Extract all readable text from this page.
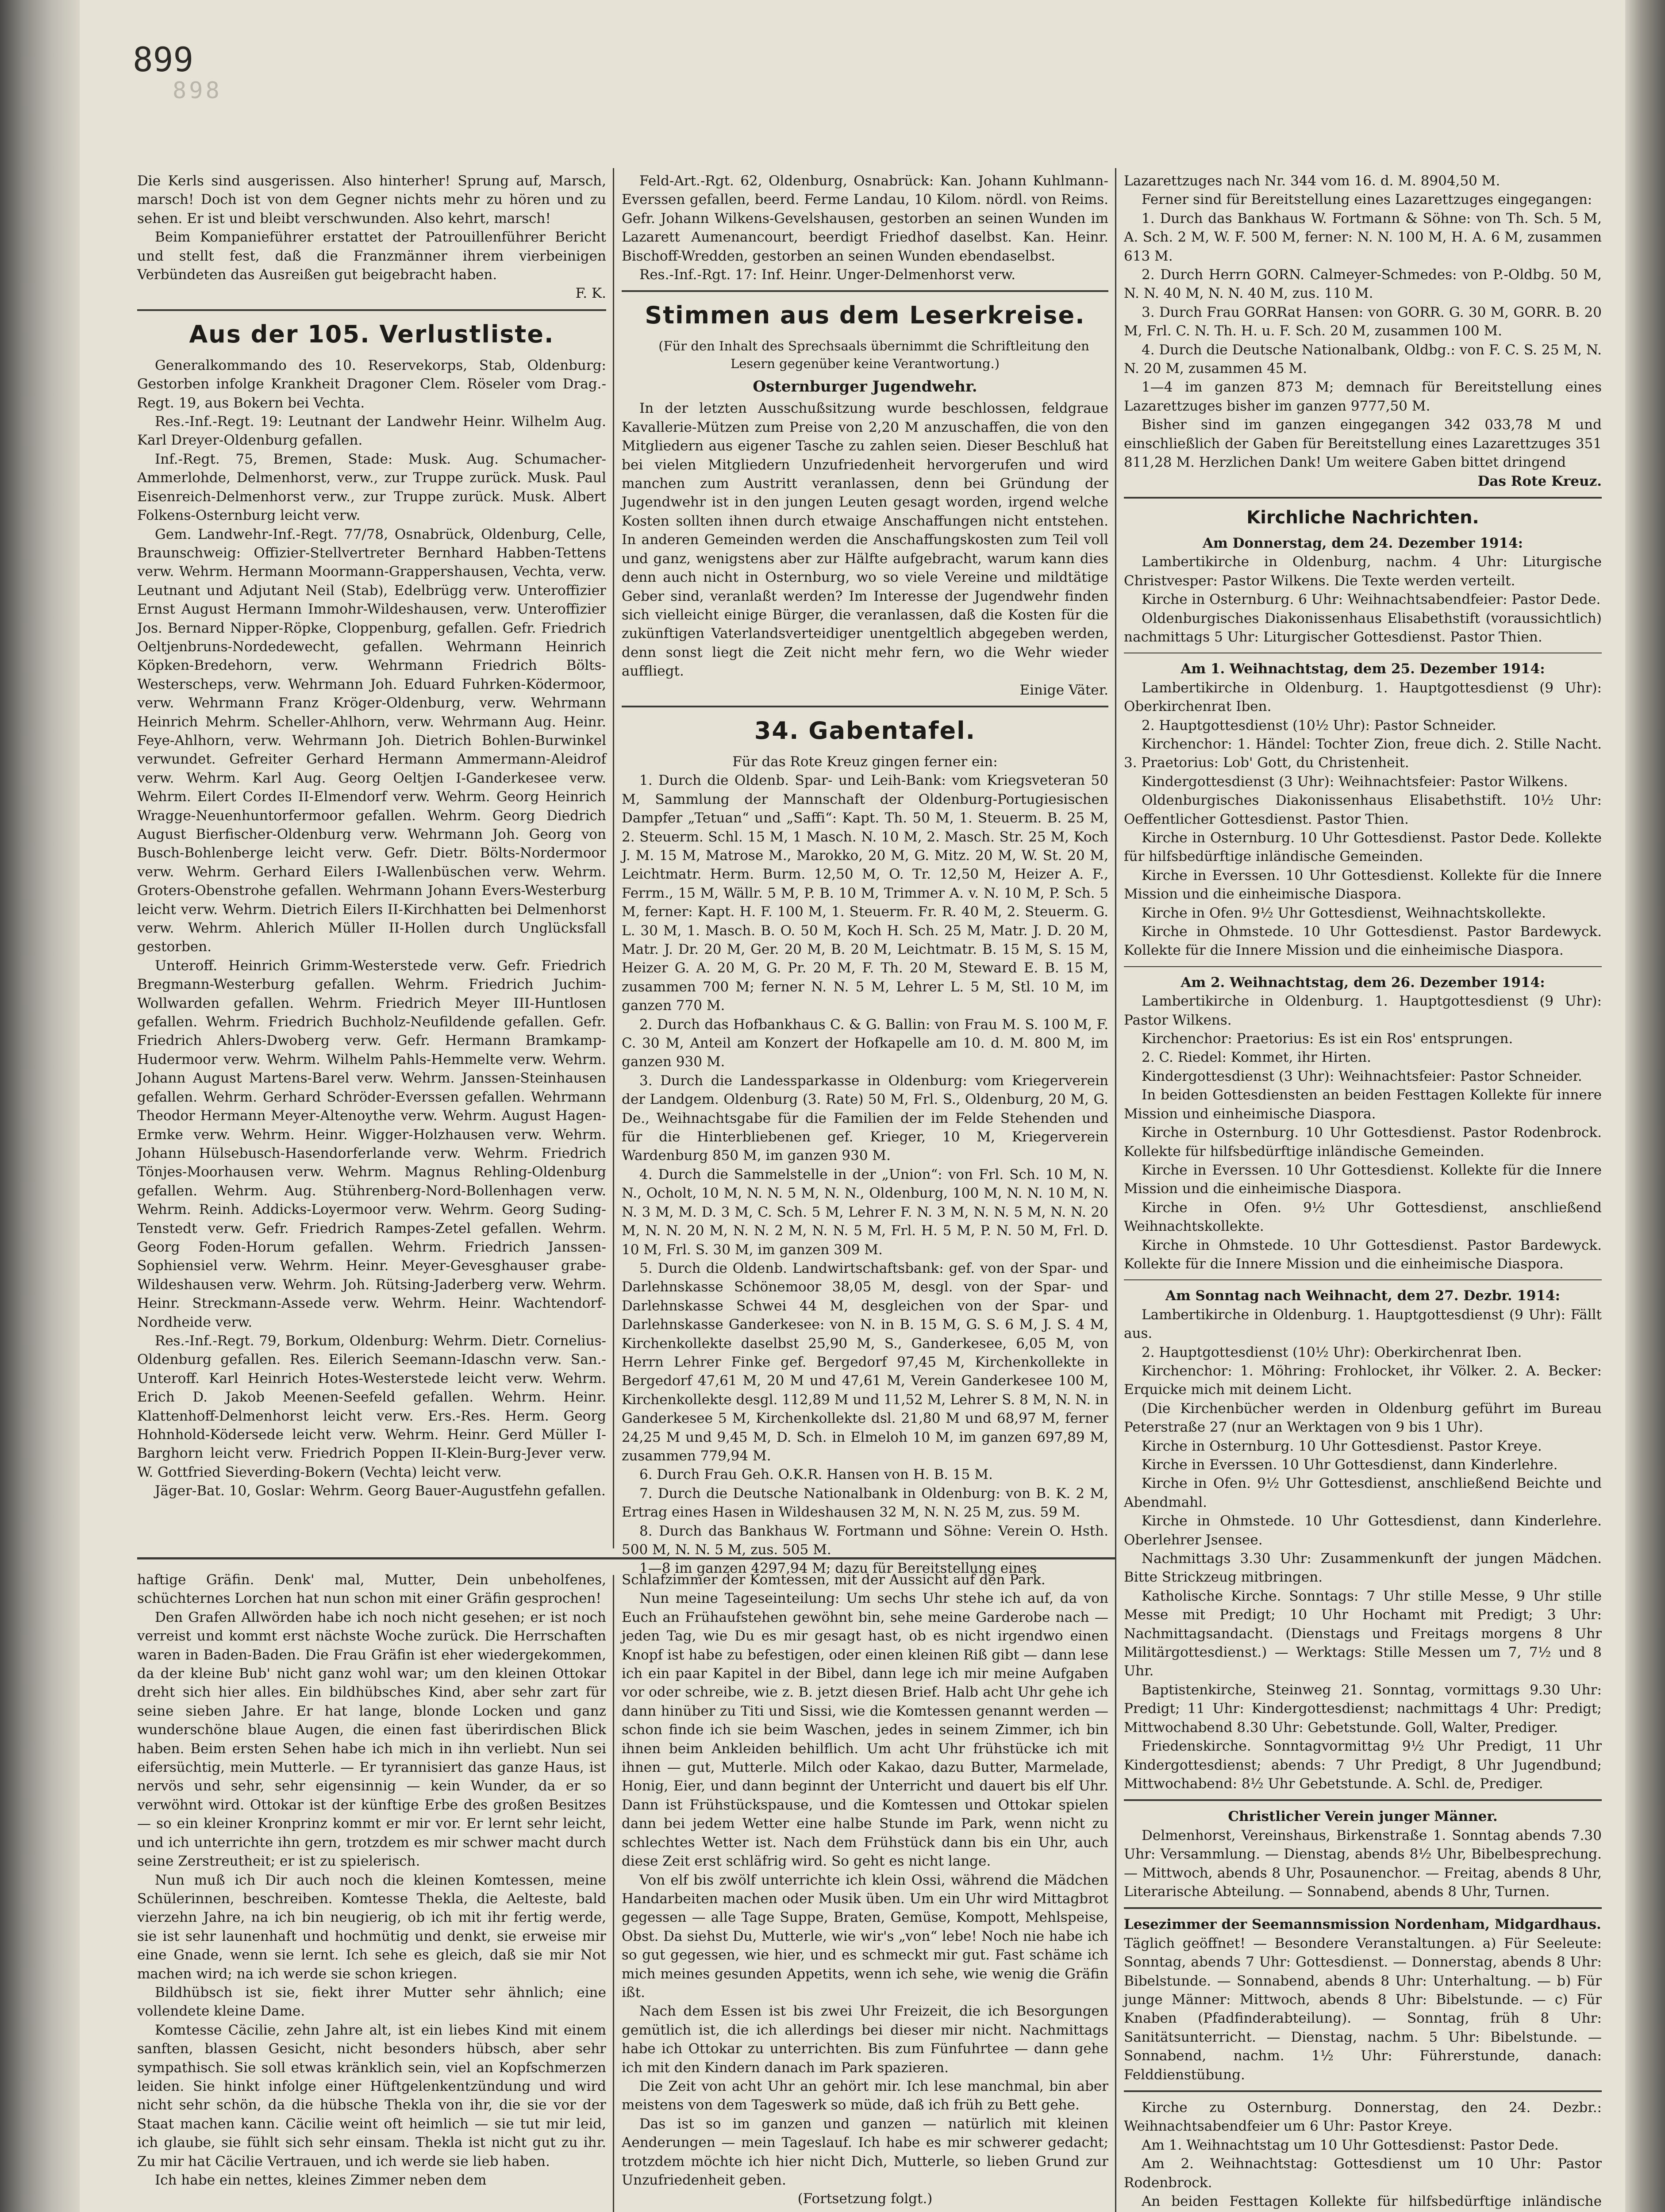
899
898

Die Kerls sind ausgerissen. Also hinterher! Sprung auf, Marsch, marsch! Doch ist von dem Gegner nichts mehr zu hören und zu sehen. Er ist und bleibt verschwunden. Also kehrt, marsch!

Beim Kompanieführer erstattet der Patrouillenführer Bericht und stellt fest, daß die Franzmänner ihrem vierbeinigen Verbündeten das Ausreißen gut beigebracht haben.

F. K.

Aus der 105. Verlustliste.

Generalkommando des 10. Reservekorps, Stab, Oldenburg: Gestorben infolge Krankheit Dragoner Clem. Röseler vom Drag.-Regt. 19, aus Bokern bei Vechta.

Res.-Inf.-Regt. 19: Leutnant der Landwehr Heinr. Wilhelm Aug. Karl Dreyer-Oldenburg gefallen.

Inf.-Regt. 75, Bremen, Stade: Musk. Aug. Schumacher-Ammerlohde, Delmenhorst, verw., zur Truppe zurück. Musk. Paul Eisenreich-Delmenhorst verw., zur Truppe zurück. Musk. Albert Folkens-Osternburg leicht verw.

Gem. Landwehr-Inf.-Regt. 77/78, Osnabrück, Oldenburg, Celle, Braunschweig: Offizier-Stellvertreter Bernhard Habben-Tettens verw. Wehrm. Hermann Moormann-Grappershausen, Vechta, verw. Leutnant und Adjutant Neil (Stab), Edelbrügg verw. Unteroffizier Ernst August Hermann Immohr-Wildeshausen, verw. Unteroffizier Jos. Bernard Nipper-Röpke, Cloppenburg, gefallen. Gefr. Friedrich Oeltjenbruns-Nordedewecht, gefallen. Wehrmann Heinrich Köpken-Bredehorn, verw. Wehrmann Friedrich Bölts-Westerscheps, verw. Wehrmann Joh. Eduard Fuhrken-Ködermoor, verw. Wehrmann Franz Kröger-Oldenburg, verw. Wehrmann Heinrich Mehrm. Scheller-Ahlhorn, verw. Wehrmann Aug. Heinr. Feye-Ahlhorn, verw. Wehrmann Joh. Dietrich Bohlen-Burwinkel verwundet. Gefreiter Gerhard Hermann Ammermann-Aleidrof verw. Wehrm. Karl Aug. Georg Oeltjen I-Ganderkesee verw. Wehrm. Eilert Cordes II-Elmendorf verw. Wehrm. Georg Heinrich Wragge-Neuenhuntorfermoor gefallen. Wehrm. Georg Diedrich August Bierfischer-Oldenburg verw. Wehrmann Joh. Georg von Busch-Bohlenberge leicht verw. Gefr. Dietr. Bölts-Nordermoor verw. Wehrm. Gerhard Eilers I-Wallenbüschen verw. Wehrm. Groters-Obenstrohe gefallen. Wehrmann Johann Evers-Westerburg leicht verw. Wehrm. Dietrich Eilers II-Kirchhatten bei Delmenhorst verw. Wehrm. Ahlerich Müller II-Hollen durch Unglücksfall gestorben.

Unteroff. Heinrich Grimm-Westerstede verw. Gefr. Friedrich Bregmann-Westerburg gefallen. Wehrm. Friedrich Juchim-Wollwarden gefallen. Wehrm. Friedrich Meyer III-Huntlosen gefallen. Wehrm. Friedrich Buchholz-Neufildende gefallen. Gefr. Friedrich Ahlers-Dwoberg verw. Gefr. Hermann Bramkamp-Hudermoor verw. Wehrm. Wilhelm Pahls-Hemmelte verw. Wehrm. Johann August Martens-Barel verw. Wehrm. Janssen-Steinhausen gefallen. Wehrm. Gerhard Schröder-Everssen gefallen. Wehrmann Theodor Hermann Meyer-Altenoythe verw. Wehrm. August Hagen-Ermke verw. Wehrm. Heinr. Wigger-Holzhausen verw. Wehrm. Johann Hülsebusch-Hasendorferlande verw. Wehrm. Friedrich Tönjes-Moorhausen verw. Wehrm. Magnus Rehling-Oldenburg gefallen. Wehrm. Aug. Stührenberg-Nord-Bollenhagen verw. Wehrm. Reinh. Addicks-Loyermoor verw. Wehrm. Georg Suding-Tenstedt verw. Gefr. Friedrich Rampes-Zetel gefallen. Wehrm. Georg Foden-Horum gefallen. Wehrm. Friedrich Janssen-Sophiensiel verw. Wehrm. Heinr. Meyer-Gevesghauser grabe-Wildeshausen verw. Wehrm. Joh. Rütsing-Jaderberg verw. Wehrm. Heinr. Streckmann-Assede verw. Wehrm. Heinr. Wachtendorf-Nordheide verw.

Res.-Inf.-Regt. 79, Borkum, Oldenburg: Wehrm. Dietr. Cornelius-Oldenburg gefallen. Res. Eilerich Seemann-Idaschn verw. San.-Unteroff. Karl Heinrich Hotes-Westerstede leicht verw. Wehrm. Erich D. Jakob Meenen-Seefeld gefallen. Wehrm. Heinr. Klattenhoff-Delmenhorst leicht verw. Ers.-Res. Herm. Georg Hohnhold-Ködersede leicht verw. Wehrm. Heinr. Gerd Müller I-Barghorn leicht verw. Friedrich Poppen II-Klein-Burg-Jever verw. W. Gottfried Sieverding-Bokern (Vechta) leicht verw.

Jäger-Bat. 10, Goslar: Wehrm. Georg Bauer-Augustfehn gefallen.

Feld-Art.-Rgt. 62, Oldenburg, Osnabrück: Kan. Johann Kuhlmann-Everssen gefallen, beerd. Ferme Landau, 10 Kilom. nördl. von Reims. Gefr. Johann Wilkens-Gevelshausen, gestorben an seinen Wunden im Lazarett Aumenancourt, beerdigt Friedhof daselbst. Kan. Heinr. Bischoff-Wredden, gestorben an seinen Wunden ebendaselbst.

Res.-Inf.-Rgt. 17: Inf. Heinr. Unger-Delmenhorst verw.

Stimmen aus dem Leserkreise.

(Für den Inhalt des Sprechsaals übernimmt die Schriftleitung den Lesern gegenüber keine Verantwortung.)

Osternburger Jugendwehr.

In der letzten Ausschußsitzung wurde beschlossen, feldgraue Kavallerie-Mützen zum Preise von 2,20 M anzuschaffen, die von den Mitgliedern aus eigener Tasche zu zahlen seien. Dieser Beschluß hat bei vielen Mitgliedern Unzufriedenheit hervorgerufen und wird manchen zum Austritt veranlassen, denn bei Gründung der Jugendwehr ist in den jungen Leuten gesagt worden, irgend welche Kosten sollten ihnen durch etwaige Anschaffungen nicht entstehen. In anderen Gemeinden werden die Anschaffungskosten zum Teil voll und ganz, wenigstens aber zur Hälfte aufgebracht, warum kann dies denn auch nicht in Osternburg, wo so viele Vereine und mildtätige Geber sind, veranlaßt werden? Im Interesse der Jugendwehr finden sich vielleicht einige Bürger, die veranlassen, daß die Kosten für die zukünftigen Vaterlandsverteidiger unentgeltlich abgegeben werden, denn sonst liegt die Zeit nicht mehr fern, wo die Wehr wieder auffliegt.

Einige Väter.

34. Gabentafel.

Für das Rote Kreuz gingen ferner ein:

1. Durch die Oldenb. Spar- und Leih-Bank: vom Kriegsveteran 50 M, Sammlung der Mannschaft der Oldenburg-Portugiesischen Dampfer „Tetuan“ und „Saffi“: Kapt. Th. 50 M, 1. Steuerm. B. 25 M, 2. Steuerm. Schl. 15 M, 1 Masch. N. 10 M, 2. Masch. Str. 25 M, Koch J. M. 15 M, Matrose M., Marokko, 20 M, G. Mitz. 20 M, W. St. 20 M, Leichtmatr. Herm. Burm. 12,50 M, O. Tr. 12,50 M, Heizer A. F., Ferrm., 15 M, Wällr. 5 M, P. B. 10 M, Trimmer A. v. N. 10 M, P. Sch. 5 M, ferner: Kapt. H. F. 100 M, 1. Steuerm. Fr. R. 40 M, 2. Steuerm. G. L. 30 M, 1. Masch. B. O. 50 M, Koch H. Sch. 25 M, Matr. J. D. 20 M, Matr. J. Dr. 20 M, Ger. 20 M, B. 20 M, Leichtmatr. B. 15 M, S. 15 M, Heizer G. A. 20 M, G. Pr. 20 M, F. Th. 20 M, Steward E. B. 15 M, zusammen 700 M; ferner N. N. 5 M, Lehrer L. 5 M, Stl. 10 M, im ganzen 770 M.

2. Durch das Hofbankhaus C. & G. Ballin: von Frau M. S. 100 M, F. C. 30 M, Anteil am Konzert der Hofkapelle am 10. d. M. 800 M, im ganzen 930 M.

3. Durch die Landessparkasse in Oldenburg: vom Kriegerverein der Landgem. Oldenburg (3. Rate) 50 M, Frl. S., Oldenburg, 20 M, G. De., Weihnachtsgabe für die Familien der im Felde Stehenden und für die Hinterbliebenen gef. Krieger, 10 M, Kriegerverein Wardenburg 850 M, im ganzen 930 M.

4. Durch die Sammelstelle in der „Union“: von Frl. Sch. 10 M, N. N., Ocholt, 10 M, N. N. 5 M, N. N., Oldenburg, 100 M, N. N. 10 M, N. N. 3 M, M. D. 3 M, C. Sch. 5 M, Lehrer F. N. 3 M, N. N. 5 M, N. N. 20 M, N. N. 20 M, N. N. 2 M, N. N. 5 M, Frl. H. 5 M, P. N. 50 M, Frl. D. 10 M, Frl. S. 30 M, im ganzen 309 M.

5. Durch die Oldenb. Landwirtschaftsbank: gef. von der Spar- und Darlehnskasse Schönemoor 38,05 M, desgl. von der Spar- und Darlehnskasse Schwei 44 M, desgleichen von der Spar- und Darlehnskasse Ganderkesee: von N. in B. 15 M, G. S. 6 M, J. S. 4 M, Kirchenkollekte daselbst 25,90 M, S., Ganderkesee, 6,05 M, von Herrn Lehrer Finke gef. Bergedorf 97,45 M, Kirchenkollekte in Bergedorf 47,61 M, 20 M und 47,61 M, Verein Ganderkesee 100 M, Kirchenkollekte desgl. 112,89 M und 11,52 M, Lehrer S. 8 M, N. N. in Ganderkesee 5 M, Kirchenkollekte dsl. 21,80 M und 68,97 M, ferner 24,25 M und 9,45 M, D. Sch. in Elmeloh 10 M, im ganzen 697,89 M, zusammen 779,94 M.

6. Durch Frau Geh. O.K.R. Hansen von H. B. 15 M.

7. Durch die Deutsche Nationalbank in Oldenburg: von B. K. 2 M, Ertrag eines Hasen in Wildeshausen 32 M, N. N. 25 M, zus. 59 M.

8. Durch das Bankhaus W. Fortmann und Söhne: Verein O. Hsth. 500 M, N. N. 5 M, zus. 505 M.

1—8 im ganzen 4297,94 M; dazu für Bereitstellung eines

Lazarettzuges nach Nr. 344 vom 16. d. M. 8904,50 M.

Ferner sind für Bereitstellung eines Lazarettzuges eingegangen:

1. Durch das Bankhaus W. Fortmann & Söhne: von Th. Sch. 5 M, A. Sch. 2 M, W. F. 500 M, ferner: N. N. 100 M, H. A. 6 M, zusammen 613 M.

2. Durch Herrn GORN. Calmeyer-Schmedes: von P.-Oldbg. 50 M, N. N. 40 M, N. N. 40 M, zus. 110 M.

3. Durch Frau GORRat Hansen: von GORR. G. 30 M, GORR. B. 20 M, Frl. C. N. Th. H. u. F. Sch. 20 M, zusammen 100 M.

4. Durch die Deutsche Nationalbank, Oldbg.: von F. C. S. 25 M, N. N. 20 M, zusammen 45 M.

1—4 im ganzen 873 M; demnach für Bereitstellung eines Lazarettzuges bisher im ganzen 9777,50 M.

Bisher sind im ganzen eingegangen 342 033,78 M und einschließlich der Gaben für Bereitstellung eines Lazarettzuges 351 811,28 M. Herzlichen Dank! Um weitere Gaben bittet dringend

Das Rote Kreuz.

Kirchliche Nachrichten.

Am Donnerstag, dem 24. Dezember 1914:

Lambertikirche in Oldenburg, nachm. 4 Uhr: Liturgische Christvesper: Pastor Wilkens. Die Texte werden verteilt.

Kirche in Osternburg. 6 Uhr: Weihnachtsabendfeier: Pastor Dede.

Oldenburgisches Diakonissenhaus Elisabethstift (voraussichtlich) nachmittags 5 Uhr: Liturgischer Gottesdienst. Pastor Thien.

Am 1. Weihnachtstag, dem 25. Dezember 1914:

Lambertikirche in Oldenburg. 1. Hauptgottesdienst (9 Uhr): Oberkirchenrat Iben.

2. Hauptgottesdienst (10½ Uhr): Pastor Schneider.

Kirchenchor: 1. Händel: Tochter Zion, freue dich. 2. Stille Nacht. 3. Praetorius: Lob' Gott, du Christenheit.

Kindergottesdienst (3 Uhr): Weihnachtsfeier: Pastor Wilkens.

Oldenburgisches Diakonissenhaus Elisabethstift. 10½ Uhr: Oeffentlicher Gottesdienst. Pastor Thien.

Kirche in Osternburg. 10 Uhr Gottesdienst. Pastor Dede. Kollekte für hilfsbedürftige inländische Gemeinden.

Kirche in Everssen. 10 Uhr Gottesdienst. Kollekte für die Innere Mission und die einheimische Diaspora.

Kirche in Ofen. 9½ Uhr Gottesdienst, Weihnachtskollekte.

Kirche in Ohmstede. 10 Uhr Gottesdienst. Pastor Bardewyck. Kollekte für die Innere Mission und die einheimische Diaspora.

Am 2. Weihnachtstag, dem 26. Dezember 1914:

Lambertikirche in Oldenburg. 1. Hauptgottesdienst (9 Uhr): Pastor Wilkens.

Kirchenchor: Praetorius: Es ist ein Ros' entsprungen.

2. C. Riedel: Kommet, ihr Hirten.

Kindergottesdienst (3 Uhr): Weihnachtsfeier: Pastor Schneider.

In beiden Gottesdiensten an beiden Festtagen Kollekte für innere Mission und einheimische Diaspora.

Kirche in Osternburg. 10 Uhr Gottesdienst. Pastor Rodenbrock. Kollekte für hilfsbedürftige inländische Gemeinden.

Kirche in Everssen. 10 Uhr Gottesdienst. Kollekte für die Innere Mission und die einheimische Diaspora.

Kirche in Ofen. 9½ Uhr Gottesdienst, anschließend Weihnachtskollekte.

Kirche in Ohmstede. 10 Uhr Gottesdienst. Pastor Bardewyck. Kollekte für die Innere Mission und die einheimische Diaspora.

Am Sonntag nach Weihnacht, dem 27. Dezbr. 1914:

Lambertikirche in Oldenburg. 1. Hauptgottesdienst (9 Uhr): Fällt aus.

2. Hauptgottesdienst (10½ Uhr): Oberkirchenrat Iben.

Kirchenchor: 1. Möhring: Frohlocket, ihr Völker. 2. A. Becker: Erquicke mich mit deinem Licht.

(Die Kirchenbücher werden in Oldenburg geführt im Bureau Peterstraße 27 (nur an Werktagen von 9 bis 1 Uhr).

Kirche in Osternburg. 10 Uhr Gottesdienst. Pastor Kreye.

Kirche in Everssen. 10 Uhr Gottesdienst, dann Kinderlehre.

Kirche in Ofen. 9½ Uhr Gottesdienst, anschließend Beichte und Abendmahl.

Kirche in Ohmstede. 10 Uhr Gottesdienst, dann Kinderlehre. Oberlehrer Jsensee.

Nachmittags 3.30 Uhr: Zusammenkunft der jungen Mädchen. Bitte Strickzeug mitbringen.

Katholische Kirche. Sonntags: 7 Uhr stille Messe, 9 Uhr stille Messe mit Predigt; 10 Uhr Hochamt mit Predigt; 3 Uhr: Nachmittagsandacht. (Dienstags und Freitags morgens 8 Uhr Militärgottesdienst.) — Werktags: Stille Messen um 7, 7½ und 8 Uhr.

Baptistenkirche, Steinweg 21. Sonntag, vormittags 9.30 Uhr: Predigt; 11 Uhr: Kindergottesdienst; nachmittags 4 Uhr: Predigt; Mittwochabend 8.30 Uhr: Gebetstunde. Goll, Walter, Prediger.

Friedenskirche. Sonntagvormittag 9½ Uhr Predigt, 11 Uhr Kindergottesdienst; abends: 7 Uhr Predigt, 8 Uhr Jugendbund; Mittwochabend: 8½ Uhr Gebetstunde. A. Schl. de, Prediger.

Christlicher Verein junger Männer.

Delmenhorst, Vereinshaus, Birkenstraße 1. Sonntag abends 7.30 Uhr: Versammlung. — Dienstag, abends 8½ Uhr, Bibelbesprechung. — Mittwoch, abends 8 Uhr, Posaunenchor. — Freitag, abends 8 Uhr, Literarische Abteilung. — Sonnabend, abends 8 Uhr, Turnen.

Lesezimmer der Seemannsmission Nordenham, Midgardhaus.

Täglich geöffnet! — Besondere Veranstaltungen. a) Für Seeleute: Sonntag, abends 7 Uhr: Gottesdienst. — Donnerstag, abends 8 Uhr: Bibelstunde. — Sonnabend, abends 8 Uhr: Unterhaltung. — b) Für junge Männer: Mittwoch, abends 8 Uhr: Bibelstunde. — c) Für Knaben (Pfadfinderabteilung). — Sonntag, früh 8 Uhr: Sanitätsunterricht. — Dienstag, nachm. 5 Uhr: Bibelstunde. — Sonnabend, nachm. 1½ Uhr: Führerstunde, danach: Felddienstübung.

Kirche zu Osternburg. Donnerstag, den 24. Dezbr.: Weihnachtsabendfeier um 6 Uhr: Pastor Kreye.

Am 1. Weihnachtstag um 10 Uhr Gottesdienst: Pastor Dede.

Am 2. Weihnachtstag: Gottesdienst um 10 Uhr: Pastor Rodenbrock.

An beiden Festtagen Kollekte für hilfsbedürftige inländische

haftige Gräfin. Denk' mal, Mutter, Dein unbeholfenes, schüchternes Lorchen hat nun schon mit einer Gräfin gesprochen!

Den Grafen Allwörden habe ich noch nicht gesehen; er ist noch verreist und kommt erst nächste Woche zurück. Die Herrschaften waren in Baden-Baden. Die Frau Gräfin ist eher wiedergekommen, da der kleine Bub' nicht ganz wohl war; um den kleinen Ottokar dreht sich hier alles. Ein bildhübsches Kind, aber sehr zart für seine sieben Jahre. Er hat lange, blonde Locken und ganz wunderschöne blaue Augen, die einen fast überirdischen Blick haben. Beim ersten Sehen habe ich mich in ihn verliebt. Nun sei eifersüchtig, mein Mutterle. — Er tyrannisiert das ganze Haus, ist nervös und sehr, sehr eigensinnig — kein Wunder, da er so verwöhnt wird. Ottokar ist der künftige Erbe des großen Besitzes — so ein kleiner Kronprinz kommt er mir vor. Er lernt sehr leicht, und ich unterrichte ihn gern, trotzdem es mir schwer macht durch seine Zerstreutheit; er ist zu spielerisch.

Nun muß ich Dir auch noch die kleinen Komtessen, meine Schülerinnen, beschreiben. Komtesse Thekla, die Aelteste, bald vierzehn Jahre, na ich bin neugierig, ob ich mit ihr fertig werde, sie ist sehr launenhaft und hochmütig und denkt, sie erweise mir eine Gnade, wenn sie lernt. Ich sehe es gleich, daß sie mir Not machen wird; na ich werde sie schon kriegen.

Bildhübsch ist sie, fiekt ihrer Mutter sehr ähnlich; eine vollendete kleine Dame.

Komtesse Cäcilie, zehn Jahre alt, ist ein liebes Kind mit einem sanften, blassen Gesicht, nicht besonders hübsch, aber sehr sympathisch. Sie soll etwas kränklich sein, viel an Kopfschmerzen leiden. Sie hinkt infolge einer Hüftgelenkentzündung und wird nicht sehr schön, da die hübsche Thekla von ihr, die sie vor der Staat machen kann. Cäcilie weint oft heimlich — sie tut mir leid, ich glaube, sie fühlt sich sehr einsam. Thekla ist nicht gut zu ihr. Zu mir hat Cäcilie Vertrauen, und ich werde sie lieb haben.

Ich habe ein nettes, kleines Zimmer neben dem

Schlafzimmer der Komtessen, mit der Aussicht auf den Park.

Nun meine Tageseinteilung: Um sechs Uhr stehe ich auf, da von Euch an Frühaufstehen gewöhnt bin, sehe meine Garderobe nach — jeden Tag, wie Du es mir gesagt hast, ob es nicht irgendwo einen Knopf ist habe zu befestigen, oder einen kleinen Riß gibt — dann lese ich ein paar Kapitel in der Bibel, dann lege ich mir meine Aufgaben vor oder schreibe, wie z. B. jetzt diesen Brief. Halb acht Uhr gehe ich dann hinüber zu Titi und Sissi, wie die Komtessen genannt werden — schon finde ich sie beim Waschen, jedes in seinem Zimmer, ich bin ihnen beim Ankleiden behilflich. Um acht Uhr frühstücke ich mit ihnen — gut, Mutterle. Milch oder Kakao, dazu Butter, Marmelade, Honig, Eier, und dann beginnt der Unterricht und dauert bis elf Uhr. Dann ist Frühstückspause, und die Komtessen und Ottokar spielen dann bei jedem Wetter eine halbe Stunde im Park, wenn nicht zu schlechtes Wetter ist. Nach dem Frühstück dann bis ein Uhr, auch diese Zeit erst schläfrig wird. So geht es nicht lange.

Von elf bis zwölf unterrichte ich klein Ossi, während die Mädchen Handarbeiten machen oder Musik üben. Um ein Uhr wird Mittagbrot gegessen — alle Tage Suppe, Braten, Gemüse, Kompott, Mehlspeise, Obst. Da siehst Du, Mutterle, wie wir's „von“ lebe! Noch nie habe ich so gut gegessen, wie hier, und es schmeckt mir gut. Fast schäme ich mich meines gesunden Appetits, wenn ich sehe, wie wenig die Gräfin ißt.

Nach dem Essen ist bis zwei Uhr Freizeit, die ich Besorgungen gemütlich ist, die ich allerdings bei dieser mir nicht. Nachmittags habe ich Ottokar zu unterrichten. Bis zum Fünfuhrtee — dann gehe ich mit den Kindern danach im Park spazieren.

Die Zeit von acht Uhr an gehört mir. Ich lese manchmal, bin aber meistens von dem Tageswerk so müde, daß ich früh zu Bett gehe.

Das ist so im ganzen und ganzen — natürlich mit kleinen Aenderungen — mein Tageslauf. Ich habe es mir schwerer gedacht; trotzdem möchte ich hier nicht Dich, Mutterle, so lieben Grund zur Unzufriedenheit geben.

(Fortsetzung folgt.)
